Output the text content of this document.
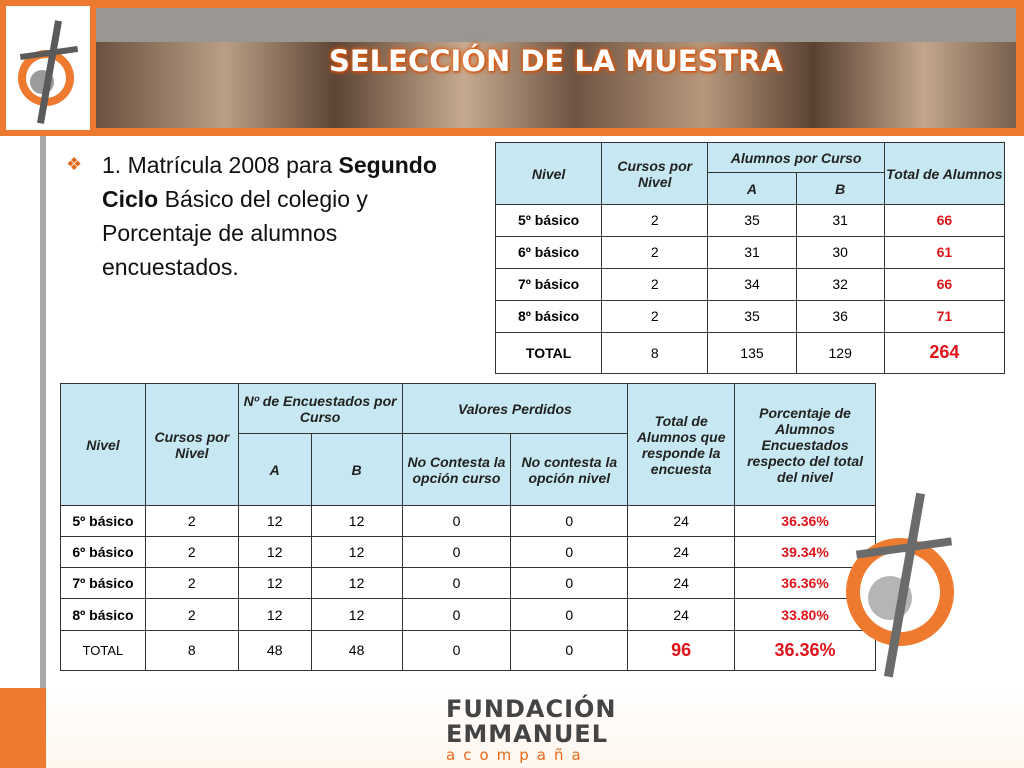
SELECCIÓN DE LA MUESTRA
❖ 1. Matrícula 2008 para Segundo Ciclo Básico del colegio y Porcentaje de alumnos encuestados.
Nivel	Cursos por Nivel	Alumnos por Curso		Total de Alumnos
		A	B	
5º básico	2	35	31	66
6º básico	2	31	30	61
7º básico	2	34	32	66
8º básico	2	35	36	71
TOTAL	8	135	129	264
Nivel	Cursos por Nivel	Nº de Encuestados por Curso		Valores Perdidos		Total de Alumnos que responde la encuesta	Porcentaje de Alumnos Encuestados respecto del total del nivel
		A	B	No Contesta la opción curso	No contesta la opción nivel		
5º básico	2	12	12	0	0	24	36.36%
6º básico	2	12	12	0	0	24	39.34%
7º básico	2	12	12	0	0	24	36.36%
8º básico	2	12	12	0	0	24	33.80%
TOTAL	8	48	48	0	0	96	36.36%
FUNDACIÓN
EMMANUEL
acompaña
